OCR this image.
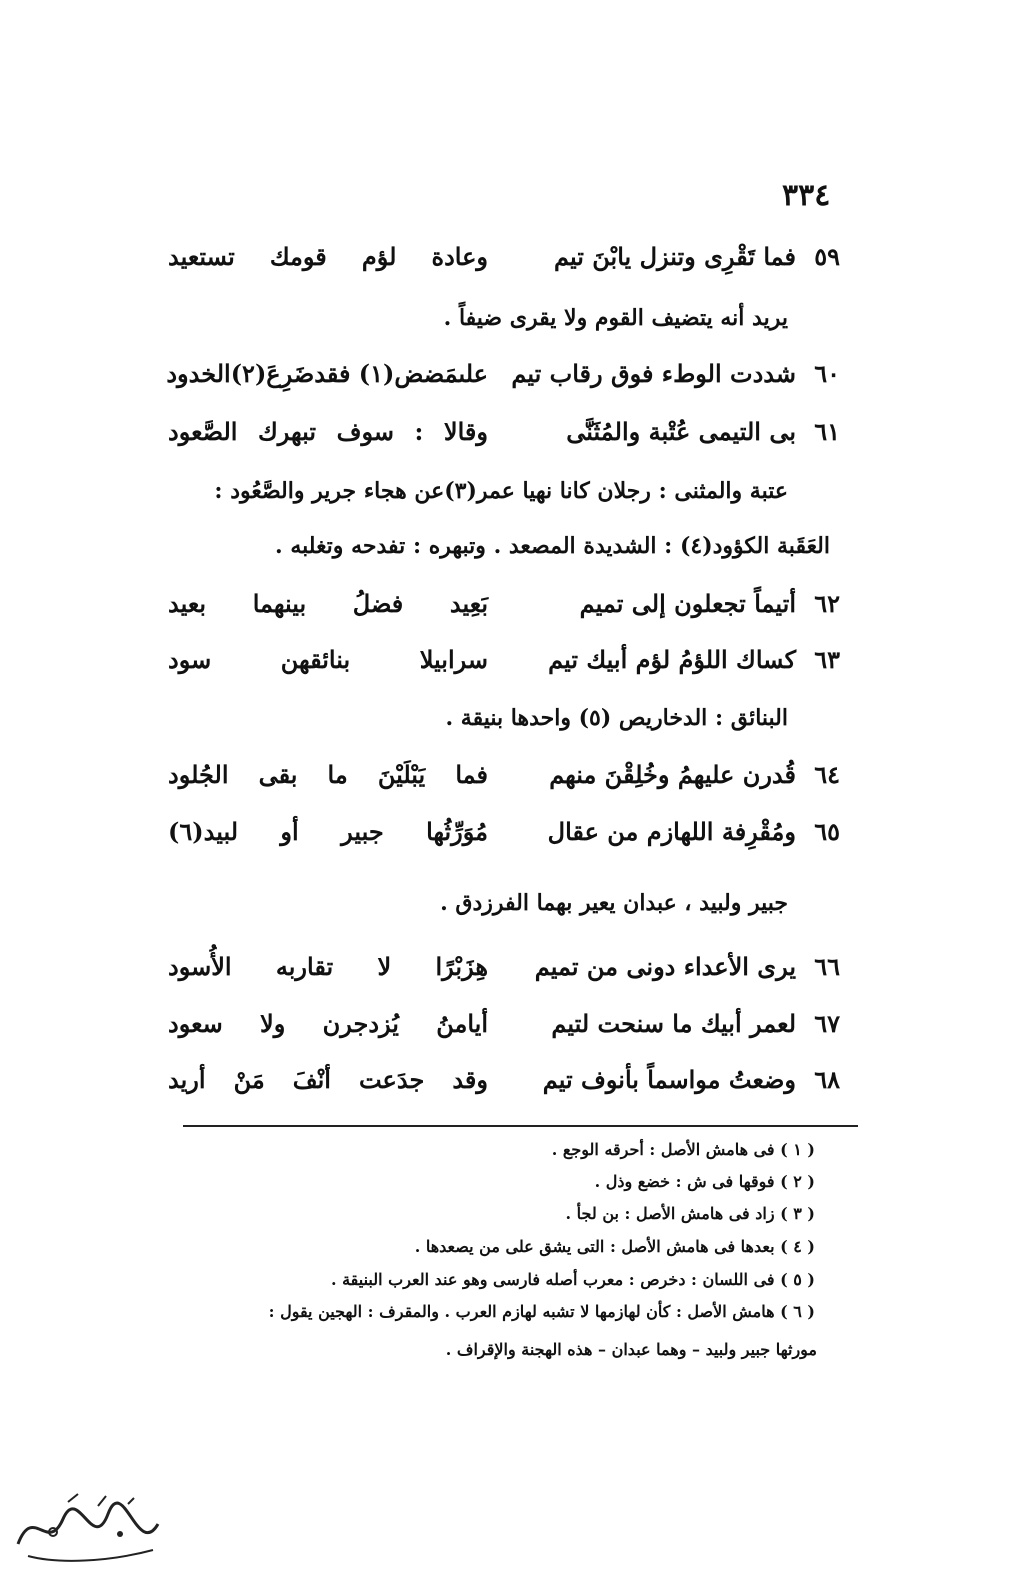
٣٣٤
٥٩
فما تَقْرِى وتنزل يابْنَ تيم
وعادة لؤم قومك تستعيد
يريد أنه يتضيف القوم ولا يقرى ضيفاً .
٦٠
شددت الوطء فوق رقاب تيم
علىمَضض(١) فقدضَرِعَ(٢)الخدود
٦١
بى التيمى عُتْبة والمُثَنَّى
وقالا : سوف تبهرك الصَّعود
عتبة والمثنى : رجلان كانا نهيا عمر(٣)عن هجاء جرير والصَّعُود :
العَقَبة الكؤود(٤) : الشديدة المصعد . وتبهره : تفدحه وتغلبه .
٦٢
أتيماً تجعلون إلى تميم
بَعِيد فضلُ بينهما بعيد
٦٣
كساك اللؤمُ لؤم أبيك تيم
سرابيلا بنائقهن سود
البنائق : الدخاريص (٥) واحدها بنيقة .
٦٤
قُدرن عليهمُ وخُلِقْنَ منهم
فما يَبْلَيْنَ ما بقى الجُلود
٦٥
ومُقْرِفة اللهازم من عقال
مُوَرِّثُها جبير أو لبيد(٦)
جبير ولبيد ، عبدان يعير بهما الفرزدق .
٦٦
يرى الأعداء دونى من تميم
هِزَبْرًا لا تقاربه الأُسود
٦٧
لعمر أبيك ما سنحت لتيم
أيامنُ يُزدجرن ولا سعود
٦٨
وضعتُ مواسماً بأنوف تيم
وقد جدَعت أنْفَ مَنْ أريد
( ١ ) فى هامش الأصل : أحرقه الوجع .
( ٢ ) فوقها فى ش : خضع وذل .
( ٣ ) زاد فى هامش الأصل : بن لجأ .
( ٤ ) بعدها فى هامش الأصل : التى يشق على من يصعدها .
( ٥ ) فى اللسان : دخرص : معرب أصله فارسى وهو عند العرب البنيقة .
( ٦ ) هامش الأصل : كأن لهازمها لا تشبه لهازم العرب . والمقرف : الهجين يقول :
مورثها جبير ولبيد – وهما عبدان – هذه الهجنة والإقراف .
